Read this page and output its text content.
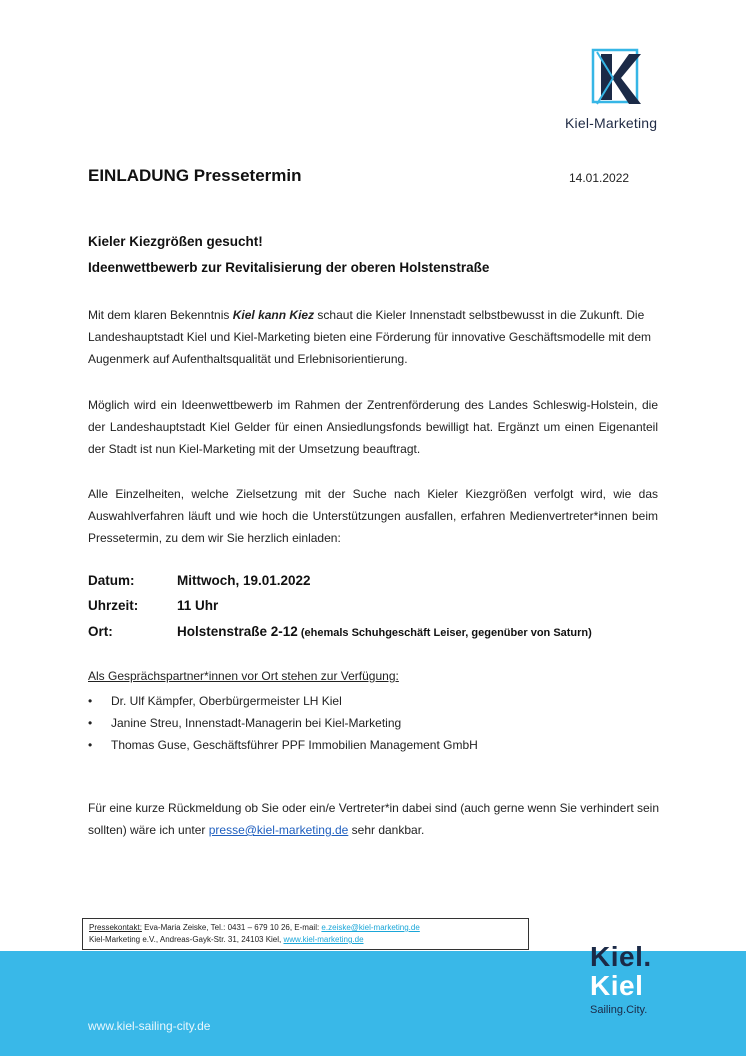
Kiel-Marketing
EINLADUNG Pressetermin	14.01.2022
Kieler Kiezgrößen gesucht!
Ideenwettbewerb zur Revitalisierung der oberen Holstenstraße
Mit dem klaren Bekenntnis Kiel kann Kiez schaut die Kieler Innenstadt selbstbewusst in die Zukunft. Die Landeshauptstadt Kiel und Kiel-Marketing bieten eine Förderung für innovative Geschäftsmodelle mit dem Augenmerk auf Aufenthaltsqualität und Erlebnisorientierung.
Möglich wird ein Ideenwettbewerb im Rahmen der Zentrenförderung des Landes Schleswig-Holstein, die der Landeshauptstadt Kiel Gelder für einen Ansiedlungsfonds bewilligt hat. Ergänzt um einen Eigenanteil der Stadt ist nun Kiel-Marketing mit der Umsetzung beauftragt.
Alle Einzelheiten, welche Zielsetzung mit der Suche nach Kieler Kiezgrößen verfolgt wird, wie das Auswahlverfahren läuft und wie hoch die Unterstützungen ausfallen, erfahren Medienvertreter*innen beim Pressetermin, zu dem wir Sie herzlich einladen:
Datum:	Mittwoch, 19.01.2022
Uhrzeit:	11 Uhr
Ort:	Holstenstraße 2-12 (ehemals Schuhgeschäft Leiser, gegenüber von Saturn)
Als Gesprächspartner*innen vor Ort stehen zur Verfügung:
• Dr. Ulf Kämpfer, Oberbürgermeister LH Kiel
• Janine Streu, Innenstadt-Managerin bei Kiel-Marketing
• Thomas Guse, Geschäftsführer PPF Immobilien Management GmbH
Für eine kurze Rückmeldung ob Sie oder ein/e Vertreter*in dabei sind (auch gerne wenn Sie verhindert sein sollten) wäre ich unter presse@kiel-marketing.de sehr dankbar.
Pressekontakt: Eva-Maria Zeiske, Tel.: 0431 – 679 10 26, E-mail: e.zeiske@kiel-marketing.de
Kiel-Marketing e.V., Andreas-Gayk-Str. 31, 24103 Kiel, www.kiel-marketing.de
www.kiel-sailing-city.de
Kiel.
Kiel
Sailing.City.
